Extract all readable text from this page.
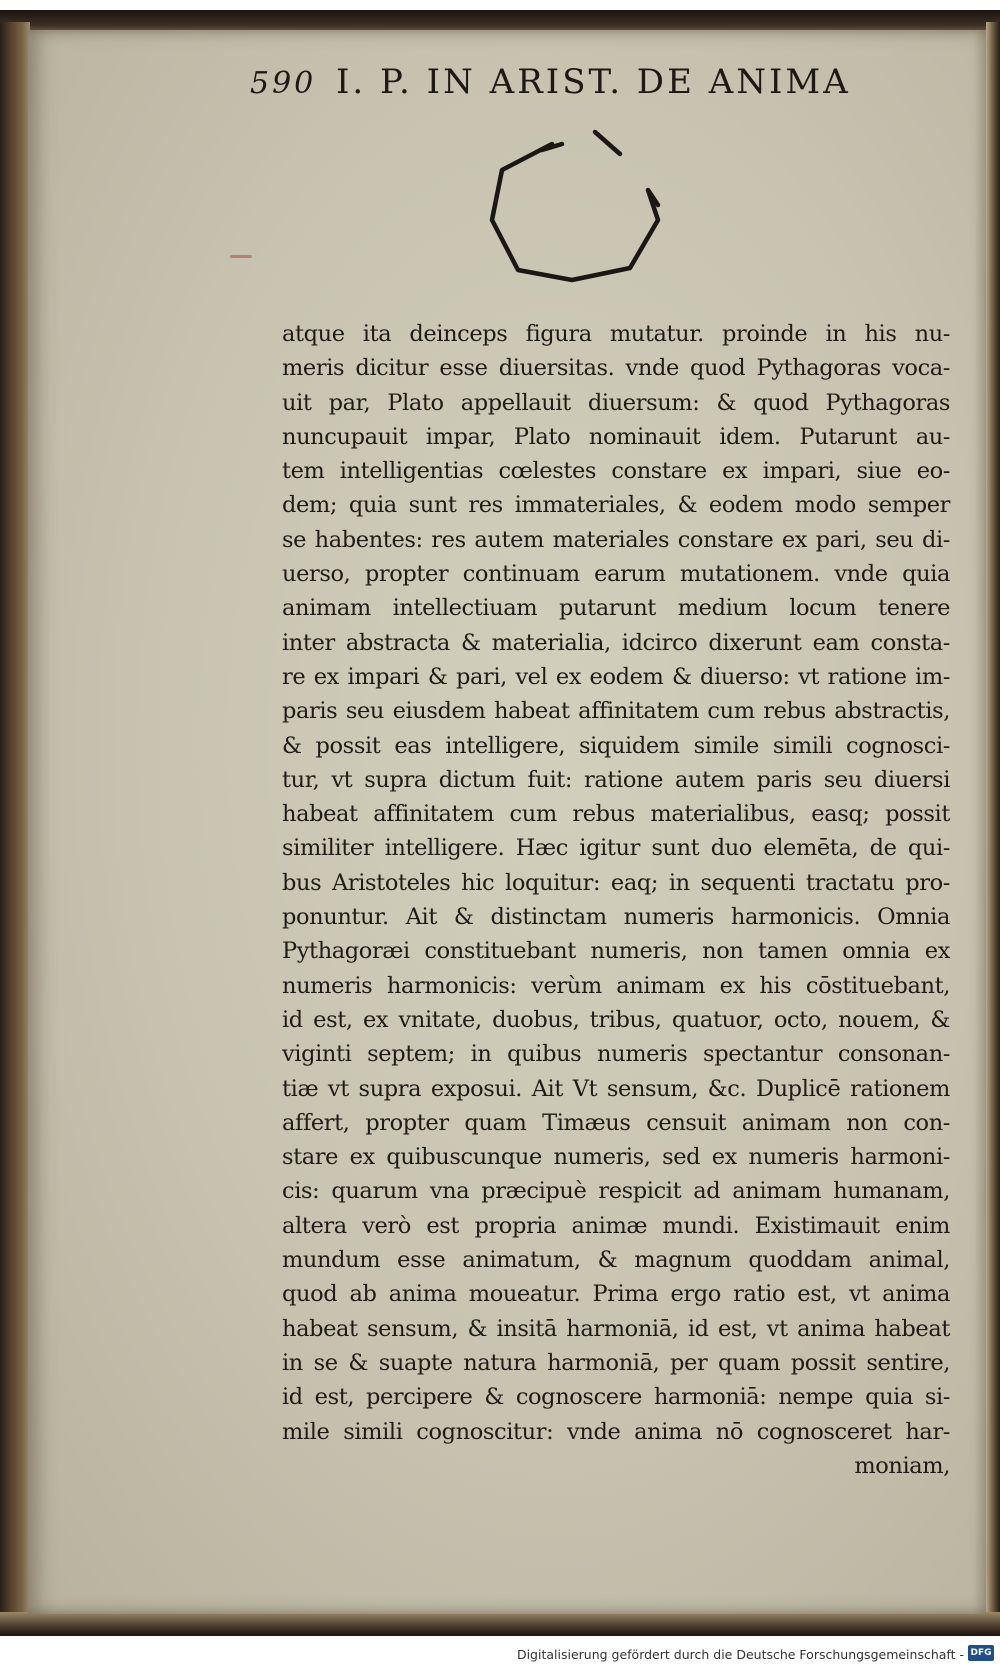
590 I. P. IN ARIST. DE ANIMA
atque ita deinceps figura mutatur. proinde in his nu-
meris dicitur esse diuersitas. vnde quod Pythagoras voca-
uit par, Plato appellauit diuersum: & quod Pythagoras
nuncupauit impar, Plato nominauit idem. Putarunt au-
tem intelligentias cœlestes constare ex impari, siue eo-
dem; quia sunt res immateriales, & eodem modo semper
se habentes: res autem materiales constare ex pari, seu di-
uerso, propter continuam earum mutationem. vnde quia
animam intellectiuam putarunt medium locum tenere
inter abstracta & materialia, idcirco dixerunt eam consta-
re ex impari & pari, vel ex eodem & diuerso: vt ratione im-
paris seu eiusdem habeat affinitatem cum rebus abstractis,
& possit eas intelligere, siquidem simile simili cognosci-
tur, vt supra dictum fuit: ratione autem paris seu diuersi
habeat affinitatem cum rebus materialibus, easq; possit
similiter intelligere. Hæc igitur sunt duo elemēta, de qui-
bus Aristoteles hic loquitur: eaq; in sequenti tractatu pro-
ponuntur. Ait & distinctam numeris harmonicis. Omnia
Pythagoræi constituebant numeris, non tamen omnia ex
numeris harmonicis: verùm animam ex his cōstituebant,
id est, ex vnitate, duobus, tribus, quatuor, octo, nouem, &
viginti septem; in quibus numeris spectantur consonan-
tiæ vt supra exposui. Ait Vt sensum, &c. Duplicē rationem
affert, propter quam Timæus censuit animam non con-
stare ex quibuscunque numeris, sed ex numeris harmoni-
cis: quarum vna præcipuè respicit ad animam humanam,
altera verò est propria animæ mundi. Existimauit enim
mundum esse animatum, & magnum quoddam animal,
quod ab anima moueatur. Prima ergo ratio est, vt anima
habeat sensum, & insitā harmoniā, id est, vt anima habeat
in se & suapte natura harmoniā, per quam possit sentire,
id est, percipere & cognoscere harmoniā: nempe quia si-
mile simili cognoscitur: vnde anima nō cognosceret har-
moniam,
Digitalisierung gefördert durch die Deutsche Forschungsgemeinschaft - DFG
